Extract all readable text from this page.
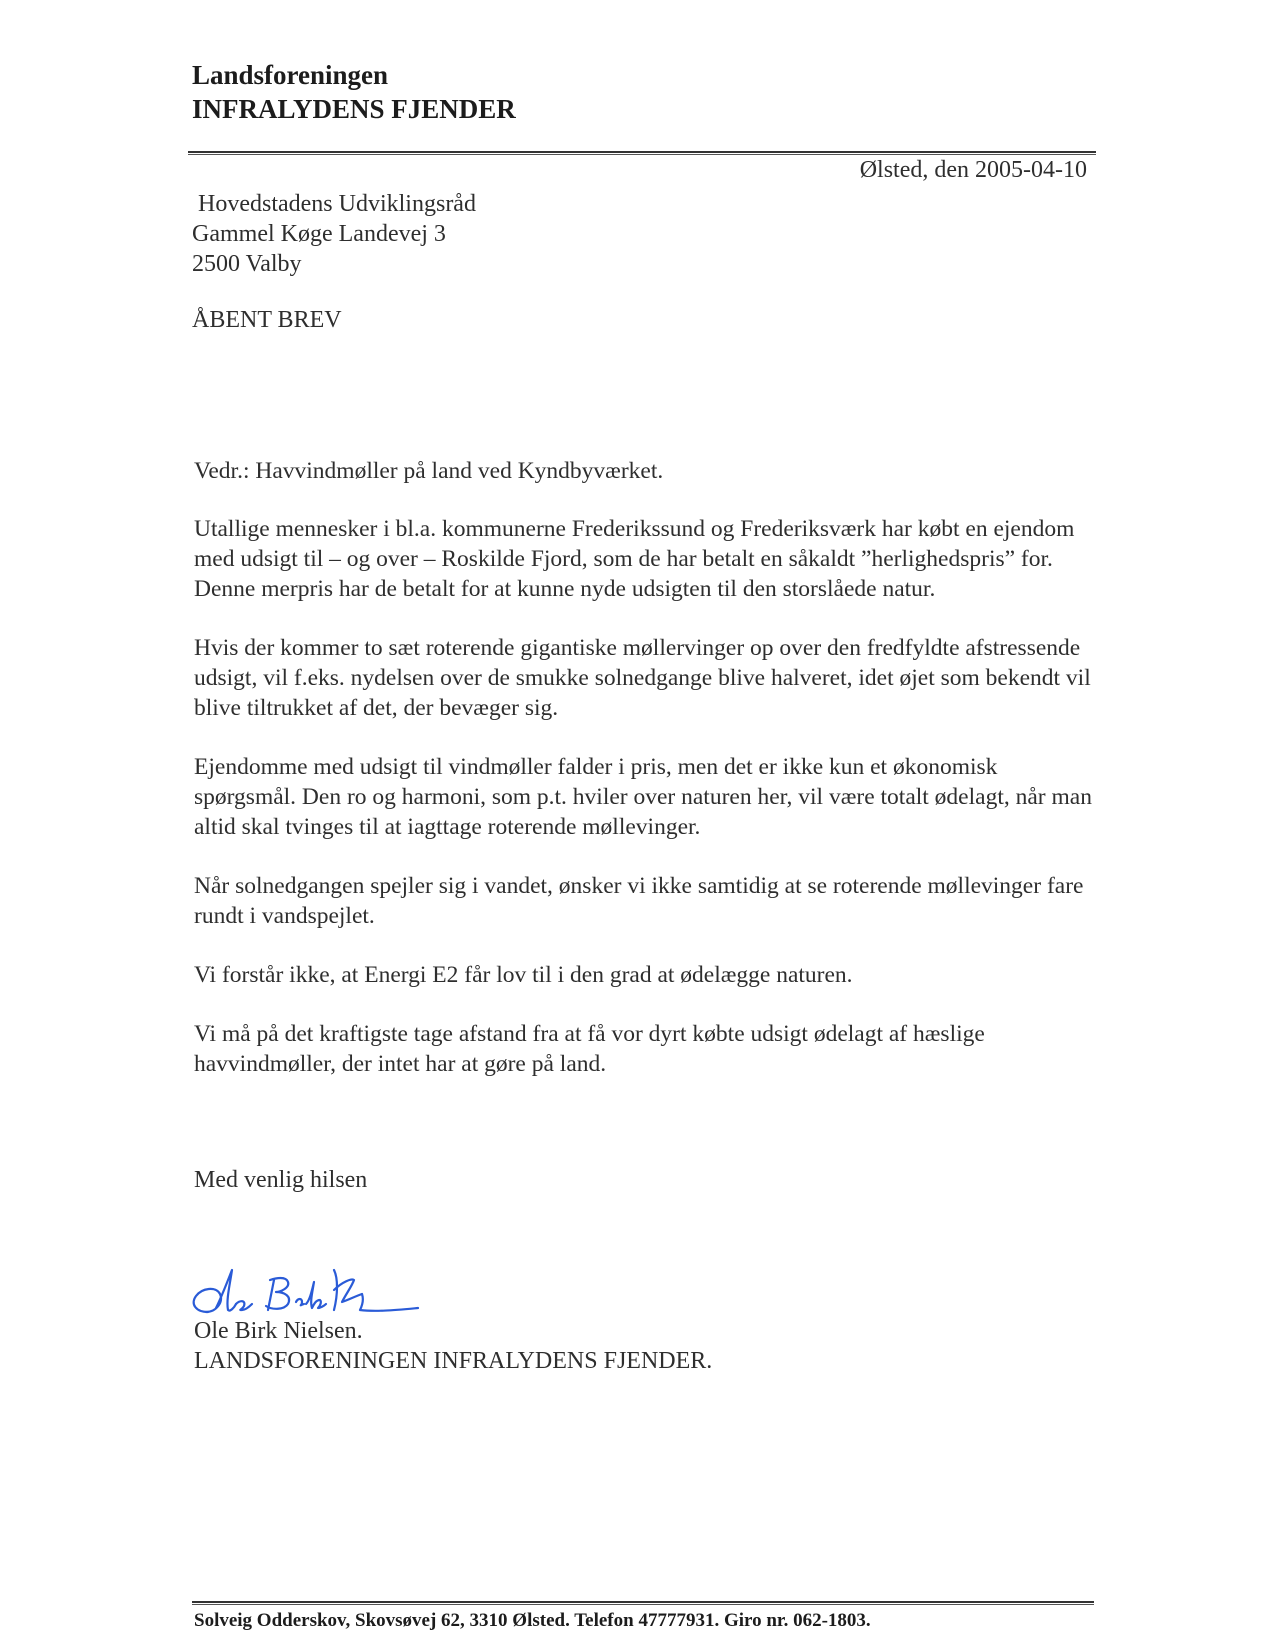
Landsforeningen
INFRALYDENS FJENDER
Ølsted, den 2005-04-10
Hovedstadens Udviklingsråd
Gammel Køge Landevej 3
2500 Valby
ÅBENT BREV

Vedr.: Havvindmøller på land ved Kyndbyværket.

Utallige mennesker i bl.a. kommunerne Frederikssund og Frederiksværk har købt en ejendom med udsigt til – og over – Roskilde Fjord, som de har betalt en såkaldt ”herlighedspris” for. Denne merpris har de betalt for at kunne nyde udsigten til den storslåede natur.

Hvis der kommer to sæt roterende gigantiske møllervinger op over den fredfyldte afstressende udsigt, vil f.eks. nydelsen over de smukke solnedgange blive halveret, idet øjet som bekendt vil blive tiltrukket af det, der bevæger sig.

Ejendomme med udsigt til vindmøller falder i pris, men det er ikke kun et økonomisk spørgsmål. Den ro og harmoni, som p.t. hviler over naturen her, vil være totalt ødelagt, når man altid skal tvinges til at iagttage roterende møllevinger.

Når solnedgangen spejler sig i vandet, ønsker vi ikke samtidig at se roterende møllevinger fare rundt i vandspejlet.

Vi forstår ikke, at Energi E2 får lov til i den grad at ødelægge naturen.

Vi må på det kraftigste tage afstand fra at få vor dyrt købte udsigt ødelagt af hæslige havvindmøller, der intet har at gøre på land.

Med venlig hilsen
Ole Birk Nielsen.
LANDSFORENINGEN INFRALYDENS FJENDER.
Solveig Odderskov, Skovsøvej 62, 3310 Ølsted. Telefon 47777931. Giro nr. 062-1803.
